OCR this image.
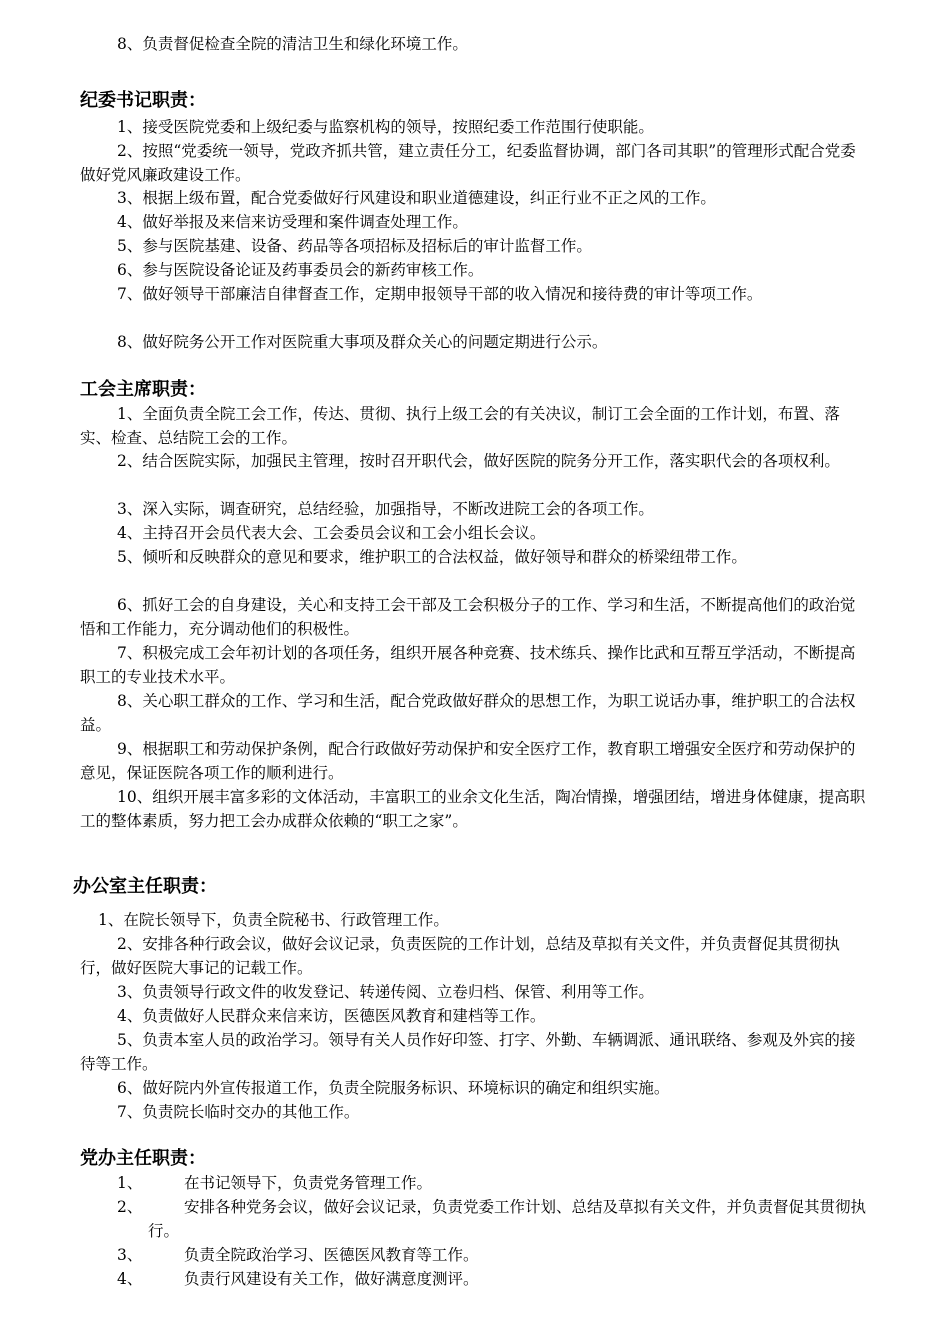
8、负责督促检查全院的清洁卫生和绿化环境工作。
纪委书记职责：
1、接受医院党委和上级纪委与监察机构的领导，按照纪委工作范围行使职能。
2、按照“党委统一领导，党政齐抓共管，建立责任分工，纪委监督协调，部门各司其职”的管理形式配合党委做好党风廉政建设工作。
3、根据上级布置，配合党委做好行风建设和职业道德建设，纠正行业不正之风的工作。
4、做好举报及来信来访受理和案件调查处理工作。
5、参与医院基建、设备、药品等各项招标及招标后的审计监督工作。
6、参与医院设备论证及药事委员会的新药审核工作。
7、做好领导干部廉洁自律督查工作，定期申报领导干部的收入情况和接待费的审计等项工作。
8、做好院务公开工作对医院重大事项及群众关心的问题定期进行公示。
工会主席职责：
1、全面负责全院工会工作，传达、贯彻、执行上级工会的有关决议，制订工会全面的工作计划，布置、落实、检查、总结院工会的工作。
2、结合医院实际，加强民主管理，按时召开职代会，做好医院的院务分开工作，落实职代会的各项权利。
3、深入实际，调查研究，总结经验，加强指导，不断改进院工会的各项工作。
4、主持召开会员代表大会、工会委员会议和工会小组长会议。
5、倾听和反映群众的意见和要求，维护职工的合法权益，做好领导和群众的桥梁纽带工作。
6、抓好工会的自身建设，关心和支持工会干部及工会积极分子的工作、学习和生活，不断提高他们的政治觉悟和工作能力，充分调动他们的积极性。
7、积极完成工会年初计划的各项任务，组织开展各种竞赛、技术练兵、操作比武和互帮互学活动，不断提高职工的专业技术水平。
8、关心职工群众的工作、学习和生活，配合党政做好群众的思想工作，为职工说话办事，维护职工的合法权益。
9、根据职工和劳动保护条例，配合行政做好劳动保护和安全医疗工作，教育职工增强安全医疗和劳动保护的意见，保证医院各项工作的顺利进行。
10、组织开展丰富多彩的文体活动，丰富职工的业余文化生活，陶冶情操，增强团结，增进身体健康，提高职工的整体素质，努力把工会办成群众依赖的“职工之家”。
办公室主任职责：
1、在院长领导下，负责全院秘书、行政管理工作。
2、安排各种行政会议，做好会议记录，负责医院的工作计划，总结及草拟有关文件，并负责督促其贯彻执行，做好医院大事记的记载工作。
3、负责领导行政文件的收发登记、转递传阅、立卷归档、保管、利用等工作。
4、负责做好人民群众来信来访，医德医风教育和建档等工作。
5、负责本室人员的政治学习。领导有关人员作好印签、打字、外勤、车辆调派、通讯联络、参观及外宾的接待等工作。
6、做好院内外宣传报道工作，负责全院服务标识、环境标识的确定和组织实施。
7、负责院长临时交办的其他工作。
党办主任职责：
1、	在书记领导下，负责党务管理工作。
2、	安排各种党务会议，做好会议记录，负责党委工作计划、总结及草拟有关文件，并负责督促其贯彻执行。
3、	负责全院政治学习、医德医风教育等工作。
4、	负责行风建设有关工作，做好满意度测评。
